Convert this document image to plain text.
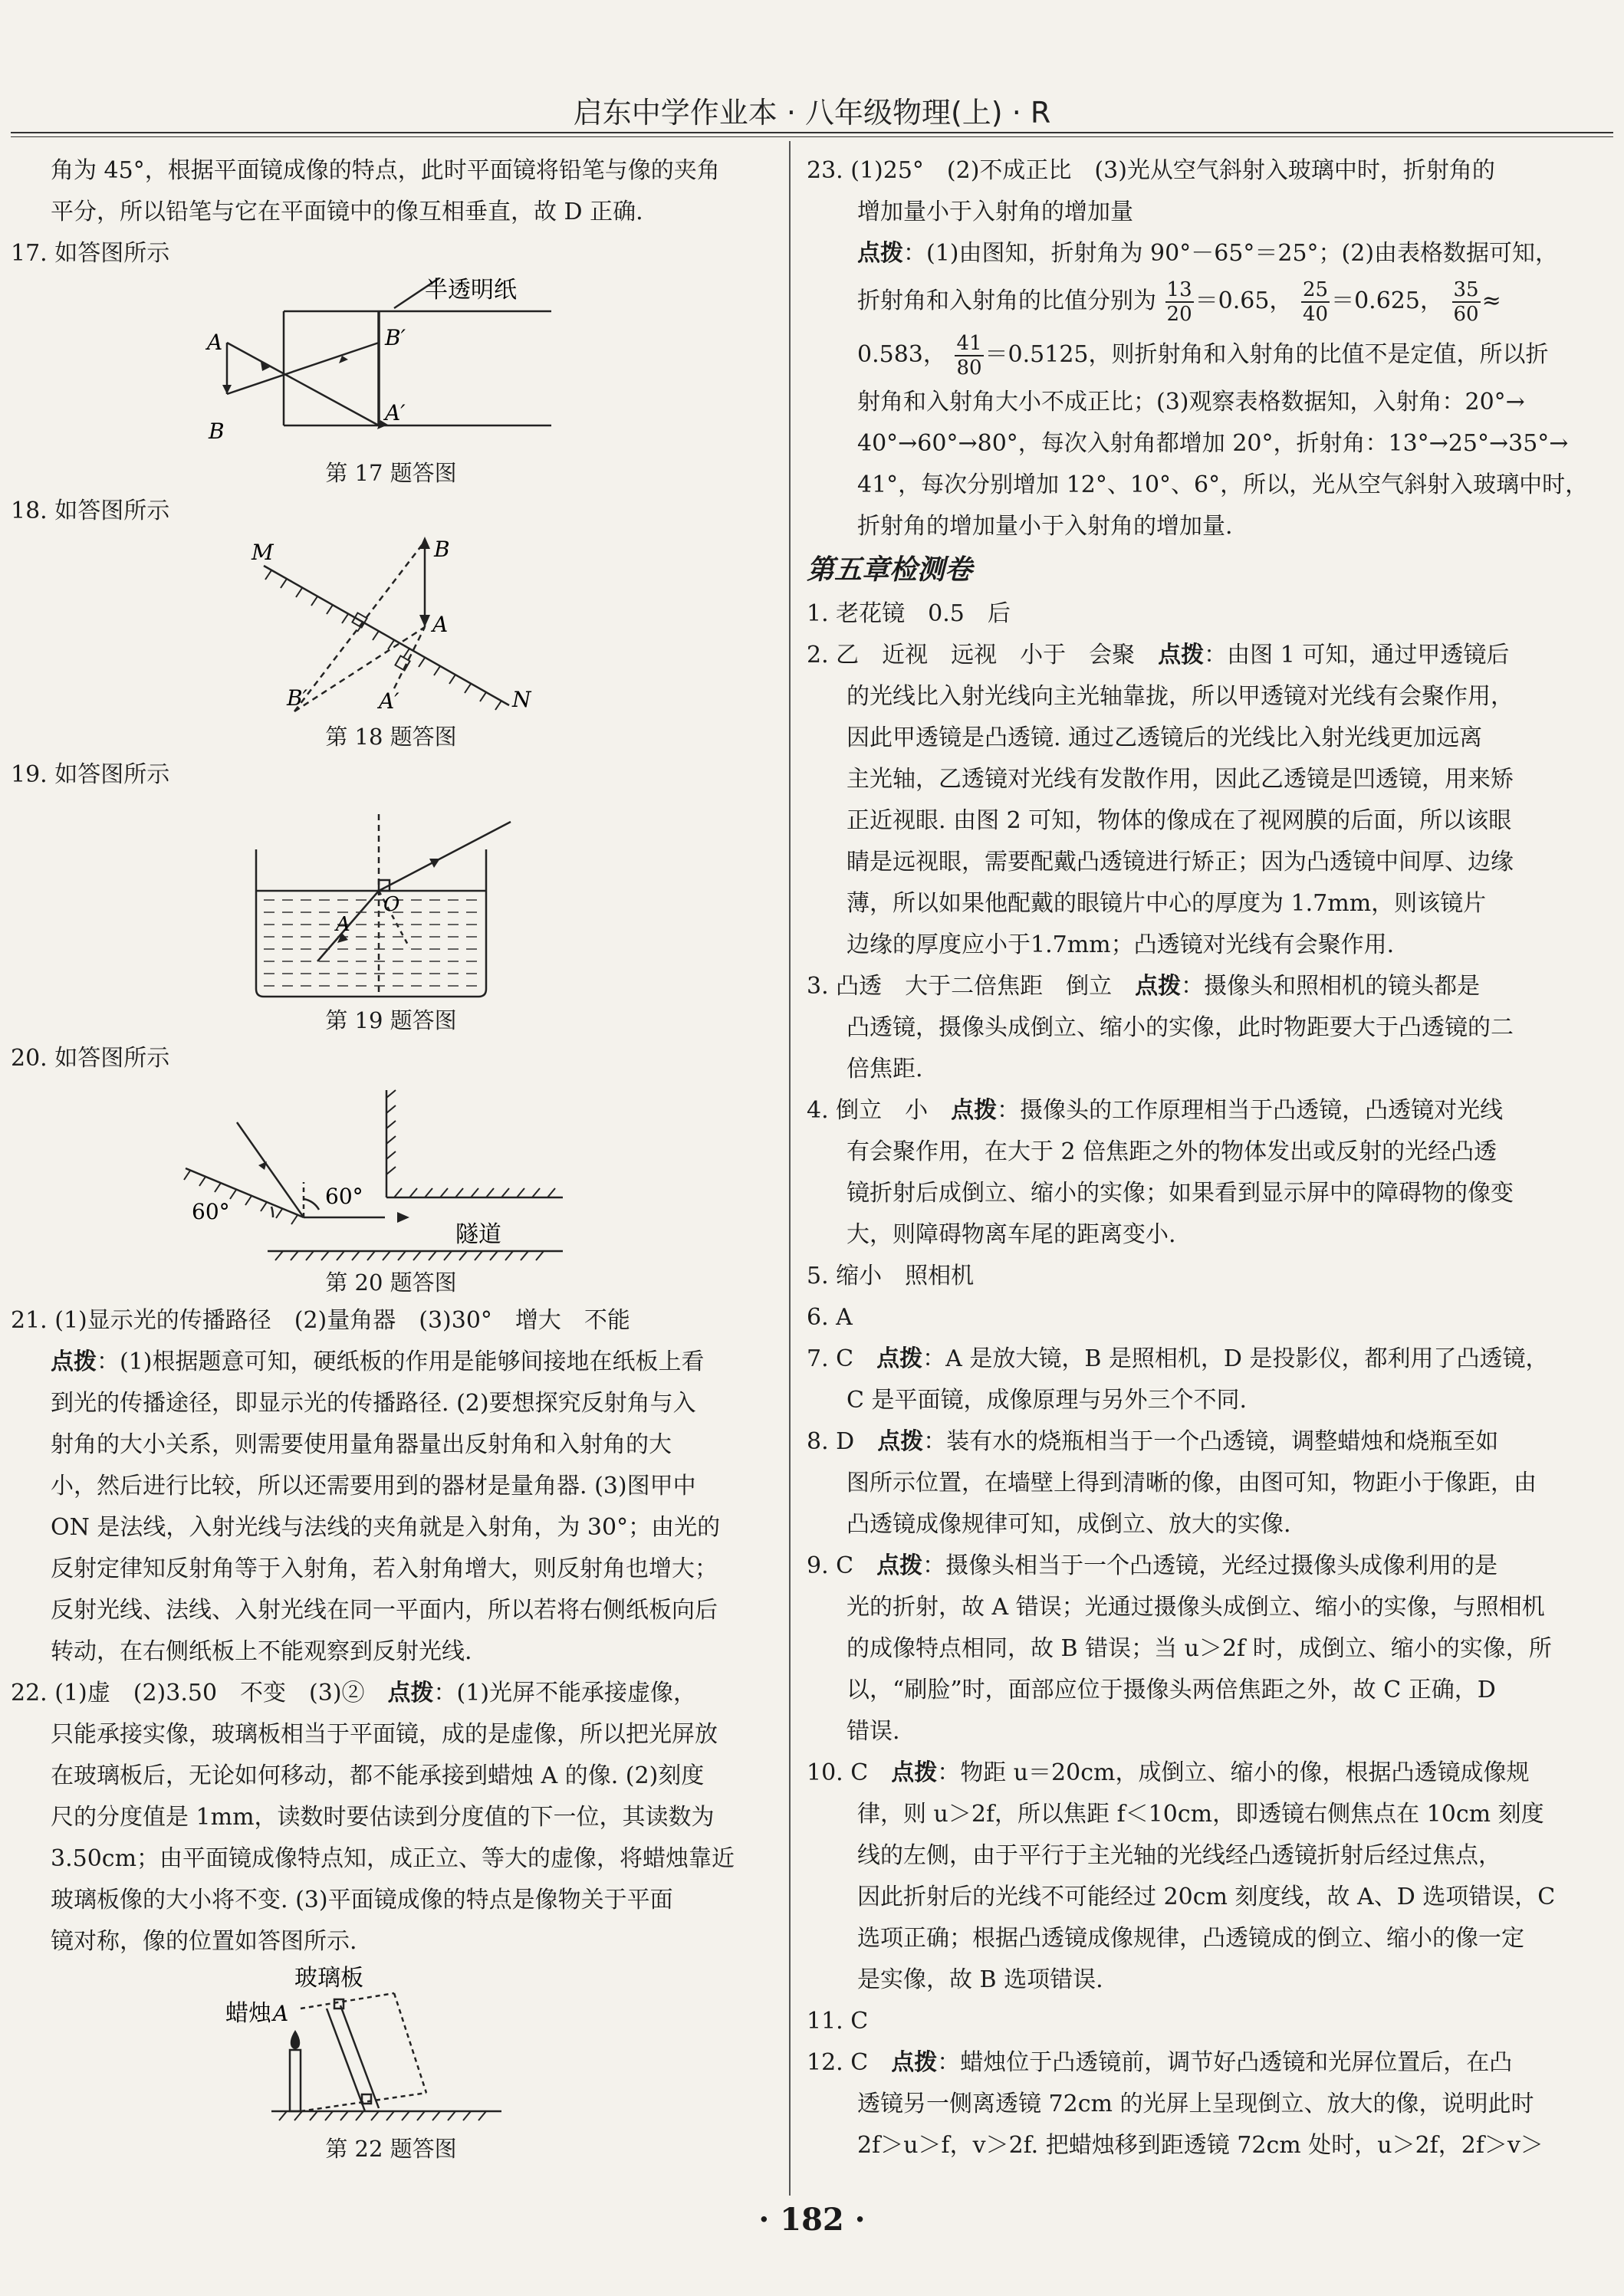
启东中学作业本 · 八年级物理(上) · R

角为 45°，根据平面镜成像的特点，此时平面镜将铅笔与像的夹角

平分，所以铅笔与它在平面镜中的像互相垂直，故 D 正确.

17. 如答图所示

半透明纸
A
B
B′
A′

第 17 题答图

18. 如答图所示

M	B
A
A′
B′	N

第 18 题答图

19. 如答图所示

O
A

第 19 题答图

20. 如答图所示

60°
60°
隧道

第 20 题答图

21. (1)显示光的传播路径　(2)量角器　(3)30°　增大　不能

点拨：(1)根据题意可知，硬纸板的作用是能够间接地在纸板上看

到光的传播途径，即显示光的传播路径. (2)要想探究反射角与入

射角的大小关系，则需要使用量角器量出反射角和入射角的大

小，然后进行比较，所以还需要用到的器材是量角器. (3)图甲中

ON 是法线，入射光线与法线的夹角就是入射角，为 30°；由光的

反射定律知反射角等于入射角，若入射角增大，则反射角也增大；

反射光线、法线、入射光线在同一平面内，所以若将右侧纸板向后

转动，在右侧纸板上不能观察到反射光线.

22. (1)虚　(2)3.50　不变　(3)②　点拨：(1)光屏不能承接虚像，

只能承接实像，玻璃板相当于平面镜，成的是虚像，所以把光屏放

在玻璃板后，无论如何移动，都不能承接到蜡烛 A 的像. (2)刻度

尺的分度值是 1mm，读数时要估读到分度值的下一位，其读数为

3.50cm；由平面镜成像特点知，成正立、等大的虚像，将蜡烛靠近

玻璃板像的大小将不变. (3)平面镜成像的特点是像物关于平面

镜对称，像的位置如答图所示.

玻璃板
蜡烛 A

第 22 题答图

23. (1)25°　(2)不成正比　(3)光从空气斜射入玻璃中时，折射角的

增加量小于入射角的增加量

点拨：(1)由图知，折射角为 90°－65°＝25°；(2)由表格数据可知，

折射角和入射角的比值分别为 $\frac{13}{20} =0.65$， $\frac{25}{40} =0.625$， $\frac{35}{60}$ ≈

0.583， $\frac{41}{80} =0.5125$，则折射角和入射角的比值不是定值，所以折

射角和入射角大小不成正比；(3)观察表格数据知，入射角：20°→

40°→60°→80°，每次入射角都增加 20°，折射角：13°→25°→35°→

41°，每次分别增加 12°、10°、6°，所以，光从空气斜射入玻璃中时，

折射角的增加量小于入射角的增加量.

第五章检测卷

1. 老花镜　0.5　后

2. 乙　近视　远视　小于　会聚　点拨：由图 1 可知，通过甲透镜后

的光线比入射光线向主光轴靠拢，所以甲透镜对光线有会聚作用，

因此甲透镜是凸透镜. 通过乙透镜后的光线比入射光线更加远离

主光轴，乙透镜对光线有发散作用，因此乙透镜是凹透镜，用来矫

正近视眼. 由图 2 可知，物体的像成在了视网膜的后面，所以该眼

睛是远视眼，需要配戴凸透镜进行矫正；因为凸透镜中间厚、边缘

薄，所以如果他配戴的眼镜片中心的厚度为 1.7mm，则该镜片

边缘的厚度应小于1.7mm；凸透镜对光线有会聚作用.

3. 凸透　大于二倍焦距　倒立　点拨：摄像头和照相机的镜头都是

凸透镜，摄像头成倒立、缩小的实像，此时物距要大于凸透镜的二

倍焦距.

4. 倒立　小　点拨：摄像头的工作原理相当于凸透镜，凸透镜对光线

有会聚作用，在大于 2 倍焦距之外的物体发出或反射的光经凸透

镜折射后成倒立、缩小的实像；如果看到显示屏中的障碍物的像变

大，则障碍物离车尾的距离变小.

5. 缩小　照相机

6. A

7. C　点拨：A 是放大镜，B 是照相机，D 是投影仪，都利用了凸透镜，

C 是平面镜，成像原理与另外三个不同.

8. D　点拨：装有水的烧瓶相当于一个凸透镜，调整蜡烛和烧瓶至如

图所示位置，在墙壁上得到清晰的像，由图可知，物距小于像距，由

凸透镜成像规律可知，成倒立、放大的实像.

9. C　点拨：摄像头相当于一个凸透镜，光经过摄像头成像利用的是

光的折射，故 A 错误；光通过摄像头成倒立、缩小的实像，与照相机

的成像特点相同，故 B 错误；当 u＞2f 时，成倒立、缩小的实像，所

以，“刷脸”时，面部应位于摄像头两倍焦距之外，故 C 正确，D

错误.

10. C　点拨：物距 u＝20cm，成倒立、缩小的像，根据凸透镜成像规

律，则 u＞2f，所以焦距 f＜10cm，即透镜右侧焦点在 10cm 刻度

线的左侧，由于平行于主光轴的光线经凸透镜折射后经过焦点，

因此折射后的光线不可能经过 20cm 刻度线，故 A、D 选项错误，C

选项正确；根据凸透镜成像规律，凸透镜成的倒立、缩小的像一定

是实像，故 B 选项错误.

11. C

12. C　点拨：蜡烛位于凸透镜前，调节好凸透镜和光屏位置后，在凸

透镜另一侧离透镜 72cm 的光屏上呈现倒立、放大的像，说明此时

2f＞u＞f，v＞2f. 把蜡烛移到距透镜 72cm 处时，u＞2f，2f＞v＞

· 182 ·
